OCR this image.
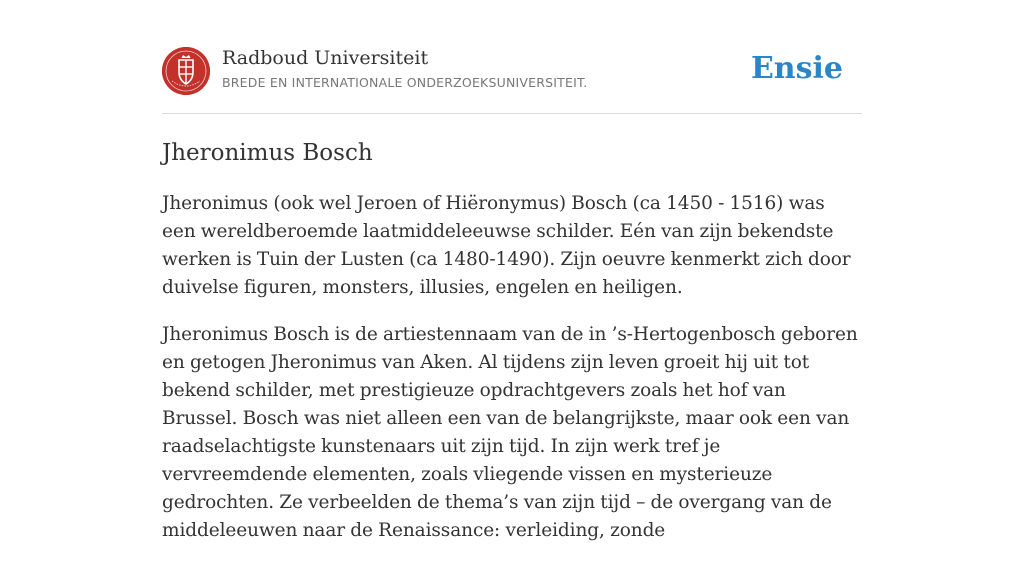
Radboud Universiteit
BREDE EN INTERNATIONALE ONDERZOEKSUNIVERSITEIT.	Ensie
Jheronimus Bosch

Jheronimus (ook wel Jeroen of Hiëronymus) Bosch (ca 1450 - 1516) was een wereldberoemde laatmiddeleeuwse schilder. Eén van zijn bekendste werken is Tuin der Lusten (ca 1480-1490). Zijn oeuvre kenmerkt zich door duivelse figuren, monsters, illusies, engelen en heiligen.

Jheronimus Bosch is de artiestennaam van de in ’s-Hertogenbosch geboren en getogen Jheronimus van Aken. Al tijdens zijn leven groeit hij uit tot bekend schilder, met prestigieuze opdrachtgevers zoals het hof van Brussel. Bosch was niet alleen een van de belangrijkste, maar ook een van raadselachtigste kunstenaars uit zijn tijd. In zijn werk tref je vervreemdende elementen, zoals vliegende vissen en mysterieuze gedrochten. Ze verbeelden de thema’s van zijn tijd – de overgang van de middeleeuwen naar de Renaissance: verleiding, zonde
